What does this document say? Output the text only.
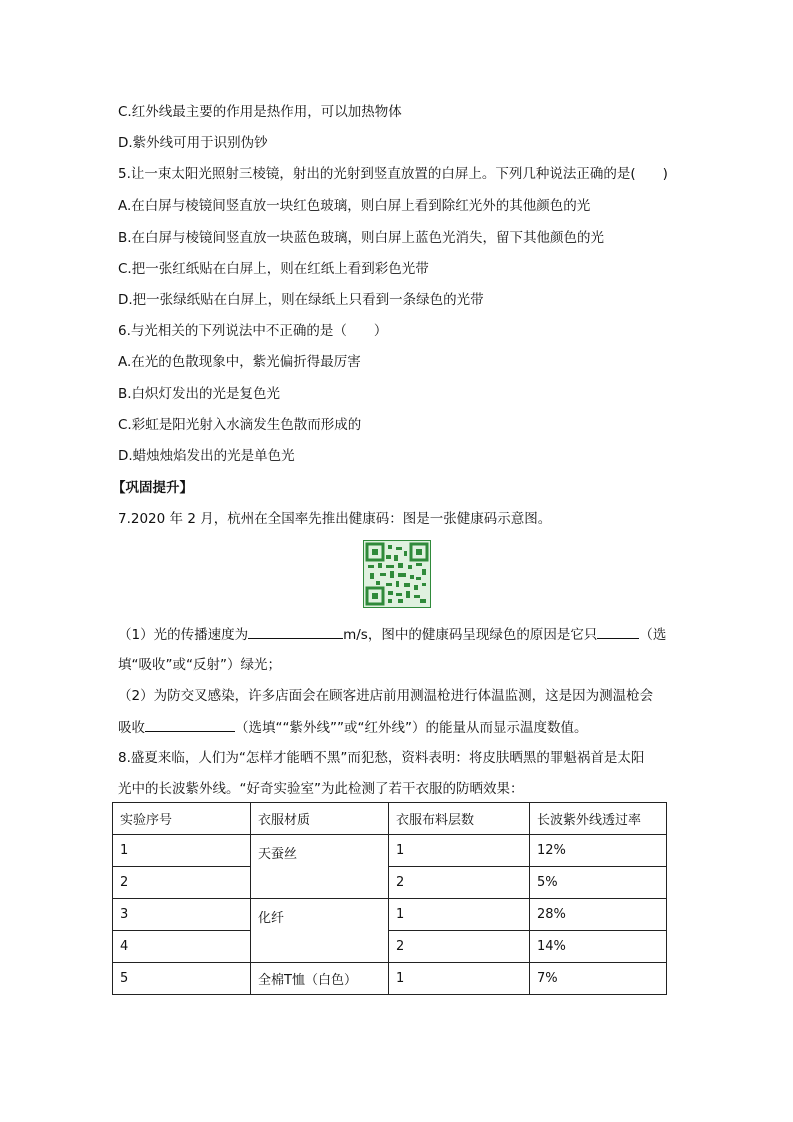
C.红外线最主要的作用是热作用，可以加热物体
D.紫外线可用于识别伪钞
5.让一束太阳光照射三棱镜，射出的光射到竖直放置的白屏上。下列几种说法正确的是(　　)
A.在白屏与棱镜间竖直放一块红色玻璃，则白屏上看到除红光外的其他颜色的光
B.在白屏与棱镜间竖直放一块蓝色玻璃，则白屏上蓝色光消失，留下其他颜色的光
C.把一张红纸贴在白屏上，则在红纸上看到彩色光带
D.把一张绿纸贴在白屏上，则在绿纸上只看到一条绿色的光带
6.与光相关的下列说法中不正确的是（　　）
A.在光的色散现象中，紫光偏折得最厉害
B.白炽灯发出的光是复色光
C.彩虹是阳光射入水滴发生色散而形成的
D.蜡烛烛焰发出的光是单色光
【巩固提升】
7.2020 年 2 月，杭州在全国率先推出健康码：图是一张健康码示意图。
（1）光的传播速度为	m/s，图中的健康码呈现绿色的原因是它只	（选
填“吸收”或“反射”）绿光；
（2）为防交叉感染，许多店面会在顾客进店前用测温枪进行体温监测，这是因为测温枪会
吸收	（选填““紫外线””或“红外线”）的能量从而显示温度数值。
8.盛夏来临，人们为“怎样才能晒不黑”而犯愁，资料表明：将皮肤晒黑的罪魁祸首是太阳
光中的长波紫外线。“好奇实验室”为此检测了若干衣服的防晒效果：
实验序号	衣服材质	衣服布料层数	长波紫外线透过率
1	天蚕丝	1	12%
2		2	5%
3	化纤	1	28%
4		2	14%
5	全棉T恤（白色）	1	7%
